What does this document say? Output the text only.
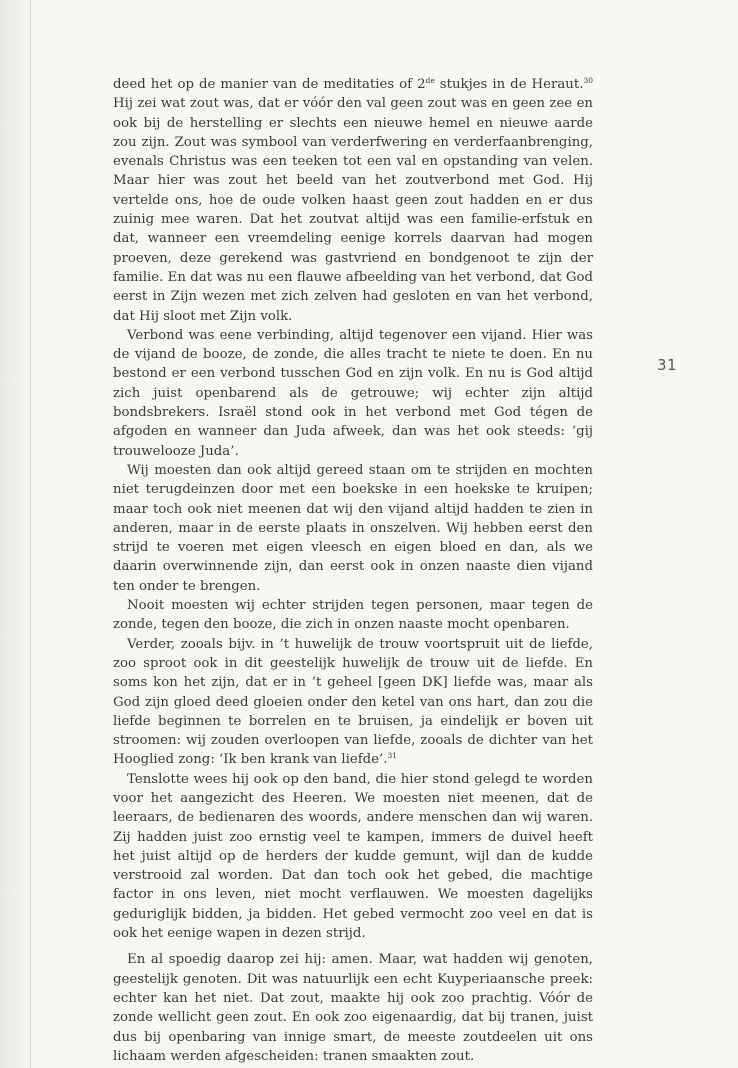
deed het op de manier van de meditaties of 2de stukjes in de Heraut.$^{30}$ Hij zei wat zout was, dat er vóór den val geen zout was en geen zee en ook bij de herstelling er slechts een nieuwe hemel en nieuwe aarde zou zijn. Zout was symbool van verderfwering en verderfaanbrenging, evenals Christus was een teeken tot een val en opstanding van velen. Maar hier was zout het beeld van het zoutverbond met God. Hij vertelde ons, hoe de oude volken haast geen zout hadden en er dus zuinig mee waren. Dat het zoutvat altijd was een familie-erfstuk en dat, wanneer een vreemdeling eenige korrels daarvan had mogen proeven, deze gerekend was gastvriend en bondgenoot te zijn der familie. En dat was nu een flauwe afbeelding van het verbond, dat God eerst in Zijn wezen met zich zelven had gesloten en van het verbond, dat Hij sloot met Zijn volk.

Verbond was eene verbinding, altijd tegenover een vijand. Hier was de vijand de booze, de zonde, die alles tracht te niete te doen. En nu bestond er een verbond tusschen God en zijn volk. En nu is God altijd zich juist openbarend als de getrouwe; wij echter zijn altijd bondsbrekers. Israël stond ook in het verbond met God tégen de afgoden en wanneer dan Juda afweek, dan was het ook steeds: ‘gij trouwelooze Juda’.

Wij moesten dan ook altijd gereed staan om te strijden en mochten niet terugdeinzen door met een boekske in een hoekske te kruipen; maar toch ook niet meenen dat wij den vijand altijd hadden te zien in anderen, maar in de eerste plaats in onszelven. Wij hebben eerst den strijd te voeren met eigen vleesch en eigen bloed en dan, als we daarin overwinnende zijn, dan eerst ook in onzen naaste dien vijand ten onder te brengen.

Nooit moesten wij echter strijden tegen personen, maar tegen de zonde, tegen den booze, die zich in onzen naaste mocht openbaren.

Verder, zooals bijv. in ’t huwelijk de trouw voortspruit uit de liefde, zoo sproot ook in dit geestelijk huwelijk de trouw uit de liefde. En soms kon het zijn, dat er in ’t geheel [geen DK] liefde was, maar als God zijn gloed deed gloeien onder den ketel van ons hart, dan zou die liefde beginnen te borrelen en te bruisen, ja eindelijk er boven uit stroomen: wij zouden overloopen van liefde, zooals de dichter van het Hooglied zong: ‘Ik ben krank van liefde’.$^{31}$

Tenslotte wees hij ook op den band, die hier stond gelegd te worden voor het aangezicht des Heeren. We moesten niet meenen, dat de leeraars, de bedienaren des woords, andere menschen dan wij waren. Zij hadden juist zoo ernstig veel te kampen, immers de duivel heeft het juist altijd op de herders der kudde gemunt, wijl dan de kudde verstrooid zal worden. Dat dan toch ook het gebed, die machtige factor in ons leven, niet mocht verflauwen. We moesten dagelijks geduriglijk bidden, ja bidden. Het gebed vermocht zoo veel en dat is ook het eenige wapen in dezen strijd.

En al spoedig daarop zei hij: amen. Maar, wat hadden wij genoten, geestelijk genoten. Dit was natuurlijk een echt Kuyperiaansche preek: echter kan het niet. Dat zout, maakte hij ook zoo prachtig. Vóór de zonde wellicht geen zout. En ook zoo eigenaardig, dat bij tranen, juist dus bij openbaring van innige smart, de meeste zoutdeelen uit ons lichaam werden afgescheiden: tranen smaakten zout.

31
